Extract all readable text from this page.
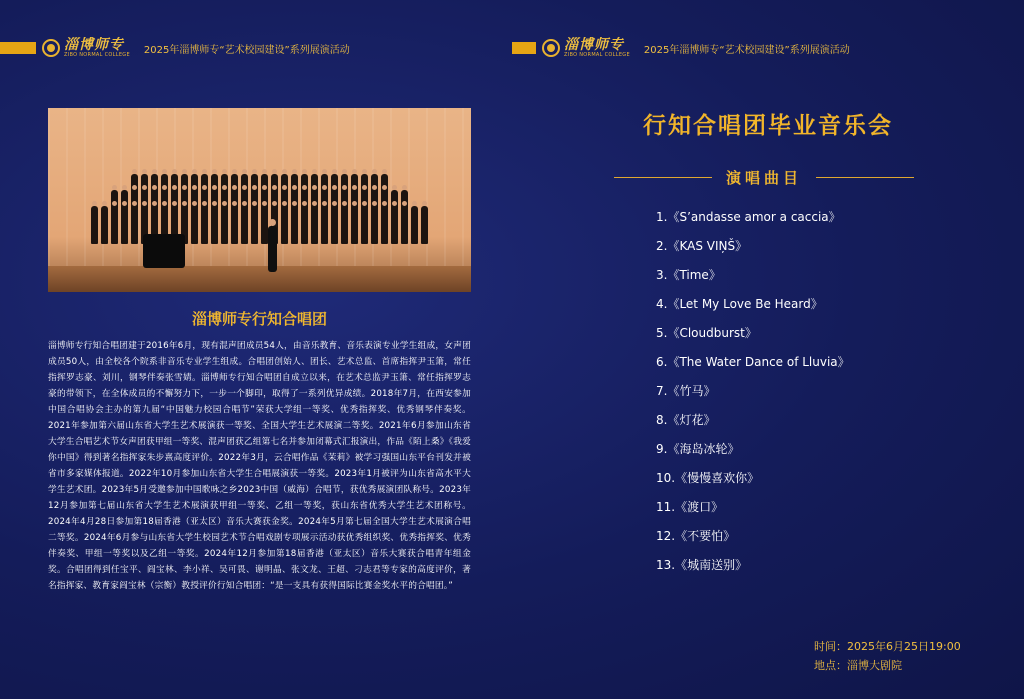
淄博师专
ZIBO NORMAL COLLEGE 2025年淄博师专“艺术校园建设”系列展演活动	淄博师专
ZIBO NORMAL COLLEGE 2025年淄博师专“艺术校园建设”系列展演活动
淄博师专行知合唱团
淄博师专行知合唱团建于2016年6月，现有混声团成员54人，由音乐教育、音乐表演专业学生组成，女声团成员50人，由全校各个院系非音乐专业学生组成。合唱团创始人、团长、艺术总监、首席指挥尹玉箫，常任指挥罗志豪、刘川，钢琴伴奏张雪婧。淄博师专行知合唱团自成立以来，在艺术总监尹玉箫、常任指挥罗志豪的带领下，在全体成员的不懈努力下，一步一个脚印，取得了一系列优异成绩。2018年7月，在西安参加中国合唱协会主办的第九届“中国魅力校园合唱节”荣获大学组一等奖、优秀指挥奖、优秀钢琴伴奏奖。2021年参加第六届山东省大学生艺术展演获一等奖、全国大学生艺术展演二等奖。2021年6月参加山东省大学生合唱艺术节女声团获甲组一等奖、混声团获乙组第七名并参加闭幕式汇报演出，作品《陌上桑》《我爱你中国》得到著名指挥家朱步熹高度评价。2022年3月，云合唱作品《茉莉》被学习强国山东平台刊发并被省市多家媒体报道。2022年10月参加山东省大学生合唱展演获一等奖。2023年1月被评为山东省高水平大学生艺术团。2023年5月受邀参加中国歌咏之乡2023中国（威海）合唱节，获优秀展演团队称号。2023年12月参加第七届山东省大学生艺术展演获甲组一等奖、乙组一等奖，获山东省优秀大学生艺术团称号。2024年4月28日参加第18届香港（亚太区）音乐大赛获金奖。2024年5月第七届全国大学生艺术展演合唱二等奖。2024年6月参与山东省大学生校园艺术节合唱戏剧专项展示活动获优秀组织奖、优秀指挥奖、优秀伴奏奖、甲组一等奖以及乙组一等奖。2024年12月参加第18届香港（亚太区）音乐大赛获合唱青年组金奖。合唱团得到任宝平、阎宝林、李小祥、吴可畏、谢明晶、张文龙、王超、刁志君等专家的高度评价，著名指挥家、教育家阎宝林（宗衡）教授评价行知合唱团：“是一支具有获得国际比赛金奖水平的合唱团。”
行知合唱团毕业音乐会
演唱曲目
1.《S’andasse amor a caccia》
2.《KAS VIŅŠ》
3.《Time》
4.《Let My Love Be Heard》
5.《Cloudburst》
6.《The Water Dance of Lluvia》
7.《竹马》
8.《灯花》
9.《海岛冰轮》
10.《慢慢喜欢你》
11.《渡口》
12.《不要怕》
13.《城南送别》
时间：2025年6月25日19:00
地点：淄博大剧院
